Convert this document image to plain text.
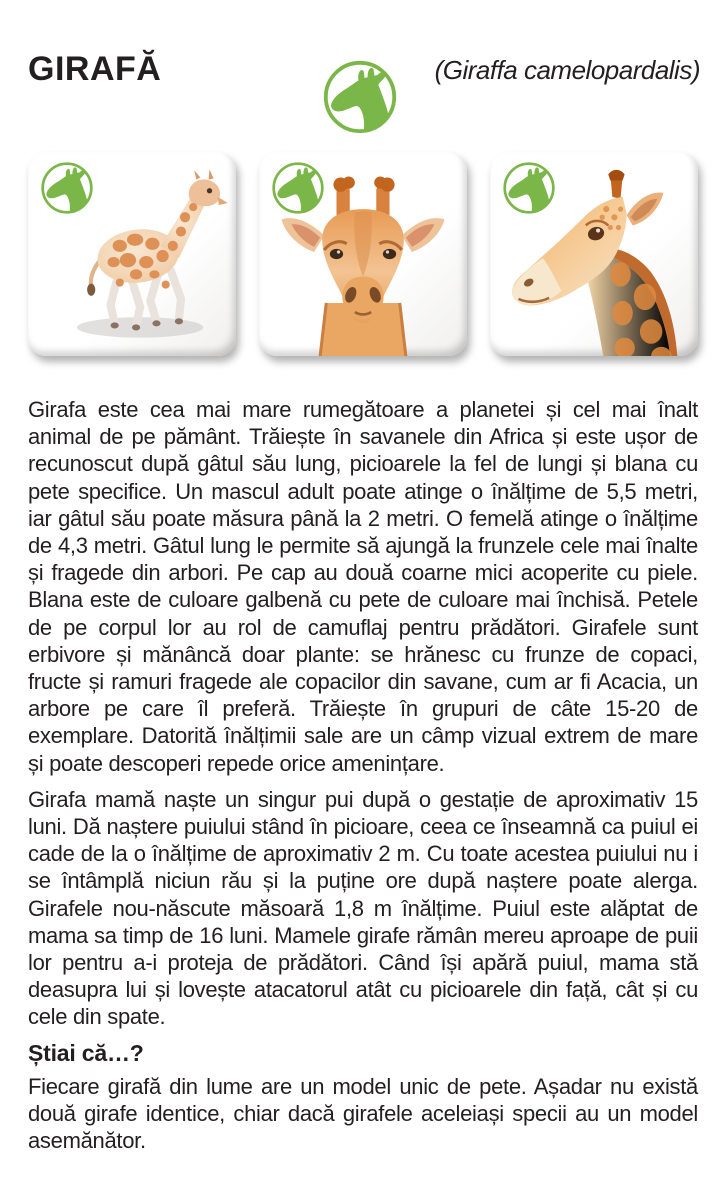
GIRAFĂ	(Giraffa camelopardalis)

Girafa este cea mai mare rumegătoare a planetei și cel mai înalt animal de pe pământ. Trăiește în savanele din Africa și este ușor de recunoscut după gâtul său lung, picioarele la fel de lungi și blana cu pete specifice. Un mascul adult poate atinge o înălțime de 5,5 metri, iar gâtul său poate măsura până la 2 metri. O femelă atinge o înălțime de 4,3 metri. Gâtul lung le permite să ajungă la frunzele cele mai înalte și fragede din arbori. Pe cap au două coarne mici acoperite cu piele. Blana este de culoare galbenă cu pete de culoare mai închisă. Petele de pe corpul lor au rol de camuflaj pentru prădători. Girafele sunt erbivore și mănâncă doar plante: se hrănesc cu frunze de copaci, fructe și ramuri fragede ale copacilor din savane, cum ar fi Acacia, un arbore pe care îl preferă. Trăiește în grupuri de câte 15-20 de exemplare. Datorită înălțimii sale are un câmp vizual extrem de mare și poate descoperi repede orice amenințare.

Girafa mamă naște un singur pui după o gestație de aproximativ 15 luni. Dă naștere puiului stând în picioare, ceea ce înseamnă ca puiul ei cade de la o înălțime de aproximativ 2 m. Cu toate acestea puiului nu i se întâmplă niciun rău și la puține ore după naștere poate alerga. Girafele nou-născute măsoară 1,8 m înălțime. Puiul este alăptat de mama sa timp de 16 luni. Mamele girafe rămân mereu aproape de puii lor pentru a-i proteja de prădători. Când își apără puiul, mama stă deasupra lui și lovește atacatorul atât cu picioarele din față, cât și cu cele din spate.

Știai că…?

Fiecare girafă din lume are un model unic de pete. Așadar nu există două girafe identice, chiar dacă girafele aceleiași specii au un model asemănător.
